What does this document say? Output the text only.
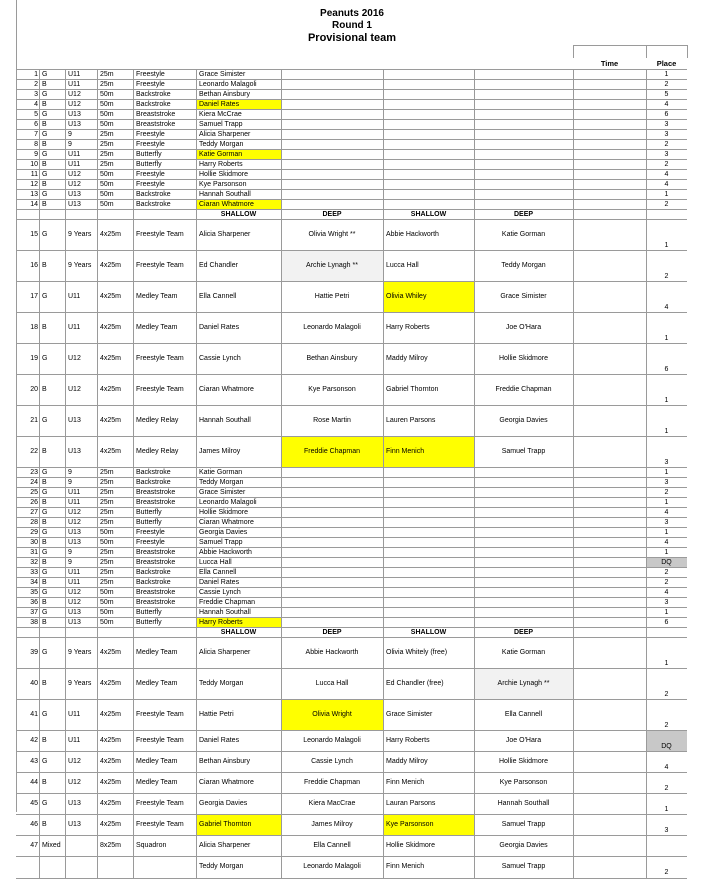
Peanuts 2016
Round 1
Provisional team
Time	Place
1 G	U11	25m	Freestyle	Grace Simister	1
2 B	U11	25m	Freestyle	Leonardo Malagoli	2
3 G	U12	50m	Backstroke	Bethan Ainsbury	5
4 B	U12	50m	Backstroke	Daniel Rates	4
5 G	U13	50m	Breaststroke	Kiera McCrae	6
6 B	U13	50m	Breaststroke	Samuel Trapp	3
7 G	9	25m	Freestyle	Alicia Sharpener	3
8 B	9	25m	Freestyle	Teddy Morgan	2
9 G	U11	25m	Butterfly	Katie Gorman	3
10 B	U11	25m	Butterfly	Harry Roberts	2
11 G	U12	50m	Freestyle	Hollie Skidmore	4
12 B	U12	50m	Freestyle	Kye Parsonson	4
13 G	U13	50m	Backstroke	Hannah Southall	1
14 B	U13	50m	Backstroke	Ciaran Whatmore	2
SHALLOW	DEEP	SHALLOW	DEEP
15 G	9 Years	4x25m	Freestyle Team	Alicia Sharpener	Olivia Wright **	Abbie Hackworth	Katie Gorman
1
16 B	9 Years	4x25m	Freestyle Team	Ed Chandler	Archie Lynagh **	Lucca Hall	Teddy Morgan
2
17 G	U11	4x25m	Medley Team	Ella Cannell	Hattie Petri	Olivia Whiley	Grace Simister
4
18 B	U11	4x25m	Medley Team	Daniel Rates	Leonardo Malagoli	Harry Roberts	Joe O'Hara
1
19 G	U12	4x25m	Freestyle Team	Cassie Lynch	Bethan Ainsbury	Maddy Milroy	Hollie Skidmore
6
20 B	U12	4x25m	Freestyle Team	Ciaran Whatmore	Kye Parsonson	Gabriel Thornton	Freddie Chapman
1
21 G	U13	4x25m	Medley Relay	Hannah Southall	Rose Martin	Lauren Parsons	Georgia Davies
1
22 B	U13	4x25m	Medley Relay	James Milroy	Freddie Chapman	Finn Menich	Samuel Trapp
3
23 G	9	25m	Backstroke	Katie Gorman	1
24 B	9	25m	Backstroke	Teddy Morgan	3
25 G	U11	25m	Breaststroke	Grace Simister	2
26 B	U11	25m	Breaststroke	Leonardo Malagoli	1
27 G	U12	25m	Butterfly	Hollie Skidmore	4
28 B	U12	25m	Butterfly	Ciaran Whatmore	3
29 G	U13	50m	Freestyle	Georgia Davies	1
30 B	U13	50m	Freestyle	Samuel Trapp	4
31 G	9	25m	Breaststroke	Abbie Hackworth	1
32 B	9	25m	Breaststroke	Lucca Hall	DQ
33 G	U11	25m	Backstroke	Ella Cannell	2
34 B	U11	25m	Backstroke	Daniel Rates	2
35 G	U12	50m	Breaststroke	Cassie Lynch	4
36 B	U12	50m	Breaststroke	Freddie Chapman	3
37 G	U13	50m	Butterfly	Hannah Southall	1
38 B	U13	50m	Butterfly	Harry Roberts	6
SHALLOW	DEEP	SHALLOW	DEEP
39 G	9 Years	4x25m	Medley Team	Alicia Sharpener	Abbie Hackworth	Olivia Whitely (free)	Katie Gorman
1
40 B	9 Years	4x25m	Medley Team	Teddy Morgan	Lucca Hall	Ed Chandler (free)	Archie Lynagh **
2
41 G	U11	4x25m	Freestyle Team	Hattie Petri	Olivia Wright	Grace Simister	Ella Cannell
2
42 B	U11	4x25m	Freestyle Team	Daniel Rates	Leonardo Malagoli	Harry Roberts	Joe O'Hara
DQ
43 G	U12	4x25m	Medley Team	Bethan Ainsbury	Cassie Lynch	Maddy Milroy	Hollie Skidmore
4
44 B	U12	4x25m	Medley Team	Ciaran Whatmore	Freddie Chapman	Finn Menich	Kye Parsonson
2
45 G	U13	4x25m	Freestyle Team	Georgia Davies	Kiera MacCrae	Lauran Parsons	Hannah Southall
1
46 B	U13	4x25m	Freestyle Team	Gabriel Thornton	James Milroy	Kye Parsonson	Samuel Trapp
3
47 Mixed	8x25m	Squadron	Alicia Sharpener	Ella Cannell	Hollie Skidmore	Georgia Davies
Teddy Morgan	Leonardo Malagoli	Finn Menich	Samuel Trapp
2
